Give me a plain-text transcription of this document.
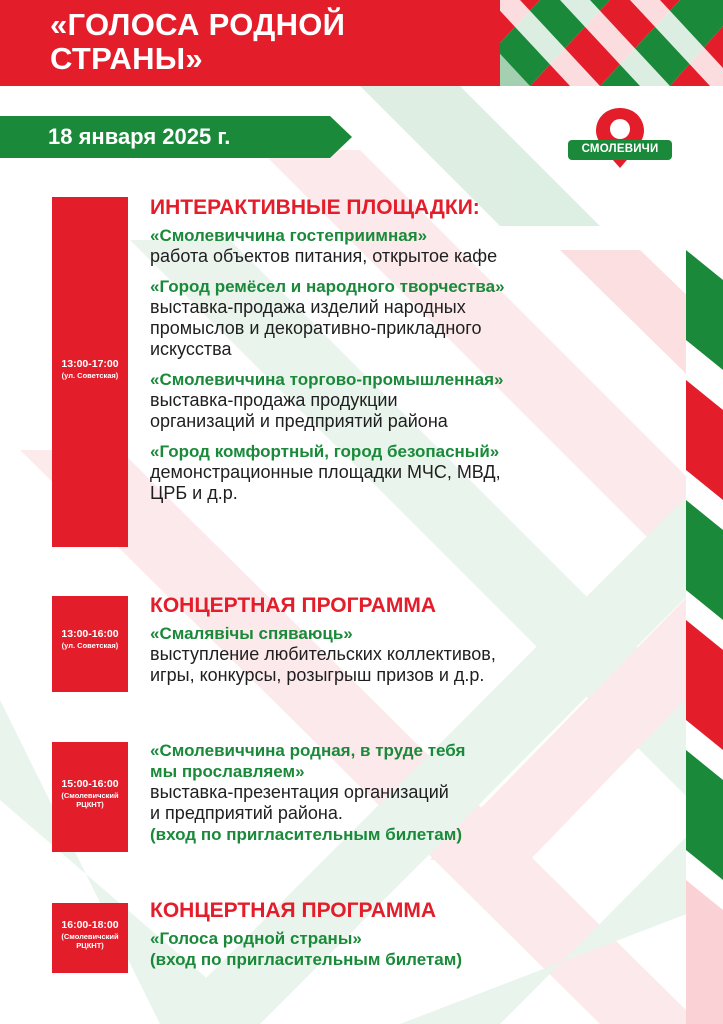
«ГОЛОСА РОДНОЙ
СТРАНЫ»
18 января 2025 г.	СМОЛЕВИЧИ
13:00-17:00
(ул. Советская)
ИНТЕРАКТИВНЫЕ ПЛОЩАДКИ:
«Смолевиччина гостеприимная»
работа объектов питания, открытое кафе
«Город ремёсел и народного творчества»
выставка-продажа изделий народных
промыслов и декоративно-прикладного
искусства
«Смолевиччина торгово-промышленная»
выставка-продажа продукции
организаций и предприятий района
«Город комфортный, город безопасный»
демонстрационные площадки МЧС, МВД,
ЦРБ и д.р.
13:00-16:00
(ул. Советская)
КОНЦЕРТНАЯ ПРОГРАММА
«Смалявічы спяваюць»
выступление любительских коллективов,
игры, конкурсы, розыгрыш призов и д.р.
15:00-16:00
(Смолевичский РЦКНТ)
«Смолевиччина родная, в труде тебя
мы прославляем»
выставка-презентация организаций
и предприятий района.
(вход по пригласительным билетам)
16:00-18:00
(Смолевичский РЦКНТ)
КОНЦЕРТНАЯ ПРОГРАММА
«Голоса родной страны»
(вход по пригласительным билетам)
